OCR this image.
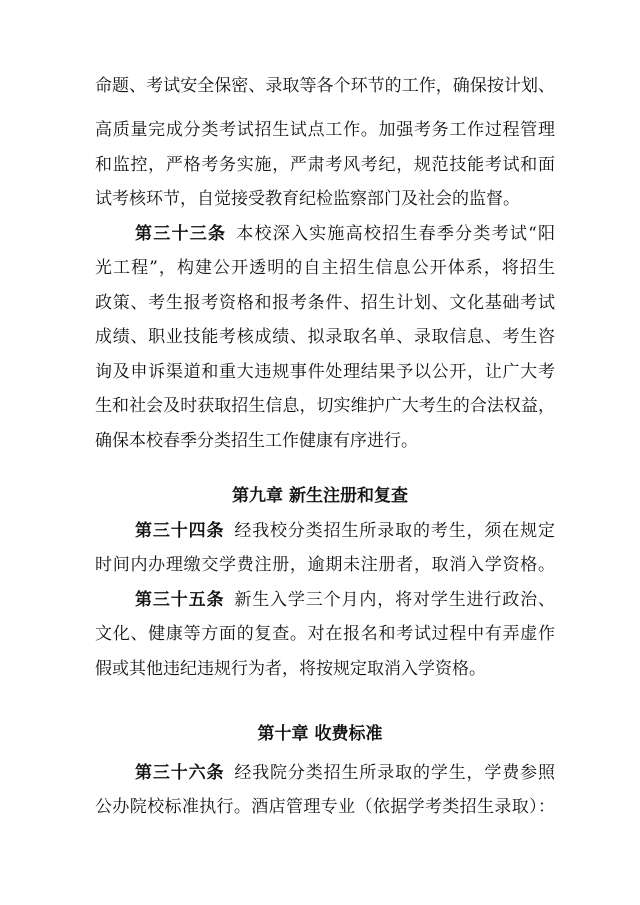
命题、考试安全保密、录取等各个环节的工作，确保按计划、
高质量完成分类考试招生试点工作。加强考务工作过程管理
和监控，严格考务实施，严肃考风考纪，规范技能考试和面
试考核环节，自觉接受教育纪检监察部门及社会的监督。
第三十三条 本校深入实施高校招生春季分类考试“阳
光工程”，构建公开透明的自主招生信息公开体系，将招生
政策、考生报考资格和报考条件、招生计划、文化基础考试
成绩、职业技能考核成绩、拟录取名单、录取信息、考生咨
询及申诉渠道和重大违规事件处理结果予以公开，让广大考
生和社会及时获取招生信息，切实维护广大考生的合法权益，
确保本校春季分类招生工作健康有序进行。
第九章 新生注册和复查
第三十四条 经我校分类招生所录取的考生，须在规定
时间内办理缴交学费注册，逾期未注册者，取消入学资格。
第三十五条 新生入学三个月内，将对学生进行政治、
文化、健康等方面的复查。对在报名和考试过程中有弄虚作
假或其他违纪违规行为者，将按规定取消入学资格。
第十章 收费标准
第三十六条 经我院分类招生所录取的学生，学费参照
公办院校标准执行。酒店管理专业（依据学考类招生录取）：
